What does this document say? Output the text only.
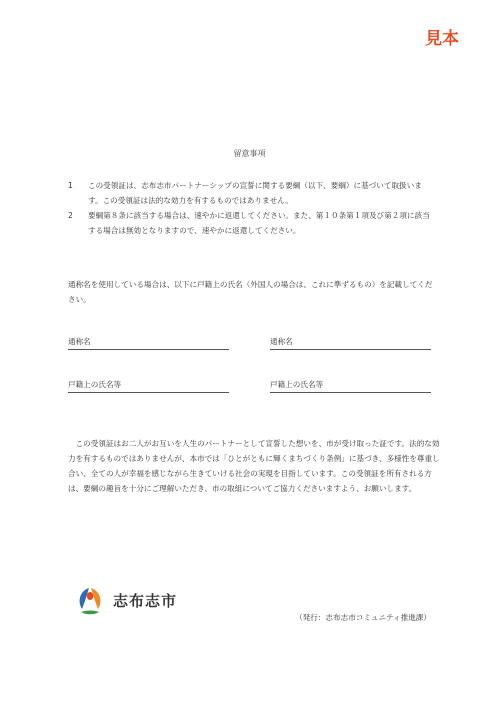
見本
留意事項
1	この受領証は、志布志市パートナーシップの宣誓に関する要綱（以下、要綱）に基づいて取扱います。この受領証は法的な効力を有するものではありません。
2	要綱第８条に該当する場合は、速やかに返還してください。また、第１０条第１項及び第２項に該当する場合は無効となりますので、速やかに返還してください。
通称名を使用している場合は、以下に戸籍上の氏名（外国人の場合は、これに準ずるもの）を記載してください。
通称名	通称名
戸籍上の氏名等	戸籍上の氏名等
この受領証はお二人がお互いを人生のパートナーとして宣誓した想いを、市が受け取った証です。法的な効力を有するものではありませんが、本市では「ひとがともに輝くまちづくり条例」に基づき、多様性を尊重し合い、全ての人が幸福を感じながら生きていける社会の実現を目指しています。この受領証を所有される方は、要綱の趣旨を十分にご理解いただき、市の取組についてご協力くださいますよう、お願いします。
志布志市
（発行：志布志市コミュニティ推進課）
